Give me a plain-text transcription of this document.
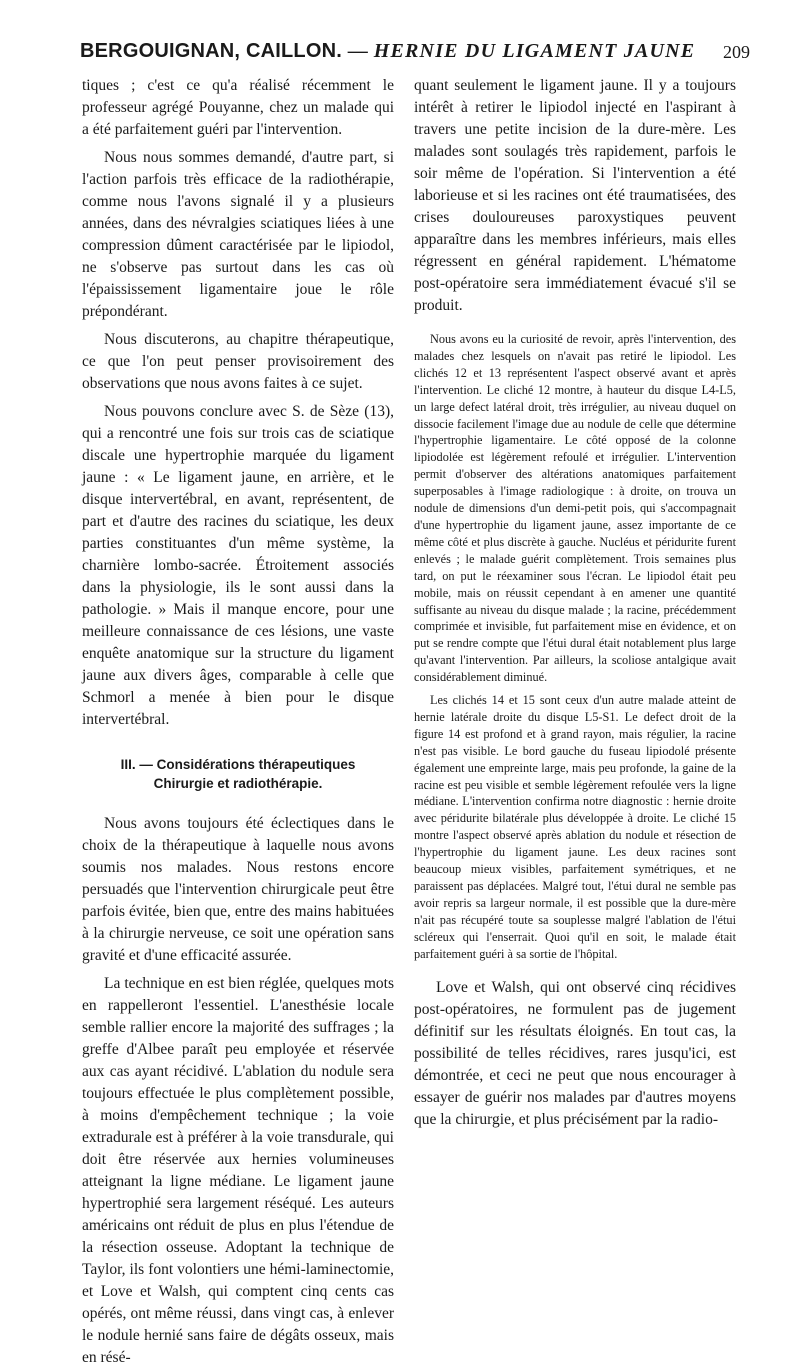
BERGOUIGNAN, CAILLON. — HERNIE DU LIGAMENT JAUNE 209

tiques ; c'est ce qu'a réalisé récemment le professeur agrégé Pouyanne, chez un malade qui a été parfaitement guéri par l'intervention.

Nous nous sommes demandé, d'autre part, si l'action parfois très efficace de la radiothérapie, comme nous l'avons signalé il y a plusieurs années, dans des névralgies sciatiques liées à une compression dûment caractérisée par le lipiodol, ne s'observe pas surtout dans les cas où l'épaississement ligamentaire joue le rôle prépondérant.

Nous discuterons, au chapitre thérapeutique, ce que l'on peut penser provisoirement des observations que nous avons faites à ce sujet.

Nous pouvons conclure avec S. de Sèze (13), qui a rencontré une fois sur trois cas de sciatique discale une hypertrophie marquée du ligament jaune : « Le ligament jaune, en arrière, et le disque intervertébral, en avant, représentent, de part et d'autre des racines du sciatique, les deux parties constituantes d'un même système, la charnière lombo-sacrée. Étroitement associés dans la physiologie, ils le sont aussi dans la pathologie. » Mais il manque encore, pour une meilleure connaissance de ces lésions, une vaste enquête anatomique sur la structure du ligament jaune aux divers âges, comparable à celle que Schmorl a menée à bien pour le disque intervertébral.

III. — Considérations thérapeutiques
Chirurgie et radiothérapie.

Nous avons toujours été éclectiques dans le choix de la thérapeutique à laquelle nous avons soumis nos malades. Nous restons encore persuadés que l'intervention chirurgicale peut être parfois évitée, bien que, entre des mains habituées à la chirurgie nerveuse, ce soit une opération sans gravité et d'une efficacité assurée.

La technique en est bien réglée, quelques mots en rappelleront l'essentiel. L'anesthésie locale semble rallier encore la majorité des suffrages ; la greffe d'Albee paraît peu employée et réservée aux cas ayant récidivé. L'ablation du nodule sera toujours effectuée le plus complètement possible, à moins d'empêchement technique ; la voie extradurale est à préférer à la voie transdurale, qui doit être réservée aux hernies volumineuses atteignant la ligne médiane. Le ligament jaune hypertrophié sera largement réséqué. Les auteurs américains ont réduit de plus en plus l'étendue de la résection osseuse. Adoptant la technique de Taylor, ils font volontiers une hémi-laminectomie, et Love et Walsh, qui comptent cinq cents cas opérés, ont même réussi, dans vingt cas, à enlever le nodule hernié sans faire de dégâts osseux, mais en résé-

quant seulement le ligament jaune. Il y a toujours intérêt à retirer le lipiodol injecté en l'aspirant à travers une petite incision de la dure-mère. Les malades sont soulagés très rapidement, parfois le soir même de l'opération. Si l'intervention a été laborieuse et si les racines ont été traumatisées, des crises douloureuses paroxystiques peuvent apparaître dans les membres inférieurs, mais elles régressent en général rapidement. L'hématome post-opératoire sera immédiatement évacué s'il se produit.

Nous avons eu la curiosité de revoir, après l'intervention, des malades chez lesquels on n'avait pas retiré le lipiodol. Les clichés 12 et 13 représentent l'aspect observé avant et après l'intervention. Le cliché 12 montre, à hauteur du disque L4-L5, un large defect latéral droit, très irrégulier, au niveau duquel on dissocie facilement l'image due au nodule de celle que détermine l'hypertrophie ligamentaire. Le côté opposé de la colonne lipiodolée est légèrement refoulé et irrégulier. L'intervention permit d'observer des altérations anatomiques parfaitement superposables à l'image radiologique : à droite, on trouva un nodule de dimensions d'un demi-petit pois, qui s'accompagnait d'une hypertrophie du ligament jaune, assez importante de ce même côté et plus discrète à gauche. Nucléus et péridurite furent enlevés ; le malade guérit complètement. Trois semaines plus tard, on put le réexaminer sous l'écran. Le lipiodol était peu mobile, mais on réussit cependant à en amener une quantité suffisante au niveau du disque malade ; la racine, précédemment comprimée et invisible, fut parfaitement mise en évidence, et on put se rendre compte que l'étui dural était notablement plus large qu'avant l'intervention. Par ailleurs, la scoliose antalgique avait considérablement diminué.

Les clichés 14 et 15 sont ceux d'un autre malade atteint de hernie latérale droite du disque L5-S1. Le defect droit de la figure 14 est profond et à grand rayon, mais régulier, la racine n'est pas visible. Le bord gauche du fuseau lipiodolé présente également une empreinte large, mais peu profonde, la gaine de la racine est peu visible et semble légèrement refoulée vers la ligne médiane. L'intervention confirma notre diagnostic : hernie droite avec péridurite bilatérale plus développée à droite. Le cliché 15 montre l'aspect observé après ablation du nodule et résection de l'hypertrophie du ligament jaune. Les deux racines sont beaucoup mieux visibles, parfaitement symétriques, et ne paraissent pas déplacées. Malgré tout, l'étui dural ne semble pas avoir repris sa largeur normale, il est possible que la dure-mère n'ait pas récupéré toute sa souplesse malgré l'ablation de l'étui scléreux qui l'enserrait. Quoi qu'il en soit, le malade était parfaitement guéri à sa sortie de l'hôpital.

Love et Walsh, qui ont observé cinq récidives post-opératoires, ne formulent pas de jugement définitif sur les résultats éloignés. En tout cas, la possibilité de telles récidives, rares jusqu'ici, est démontrée, et ceci ne peut que nous encourager à essayer de guérir nos malades par d'autres moyens que la chirurgie, et plus précisément par la radio-
